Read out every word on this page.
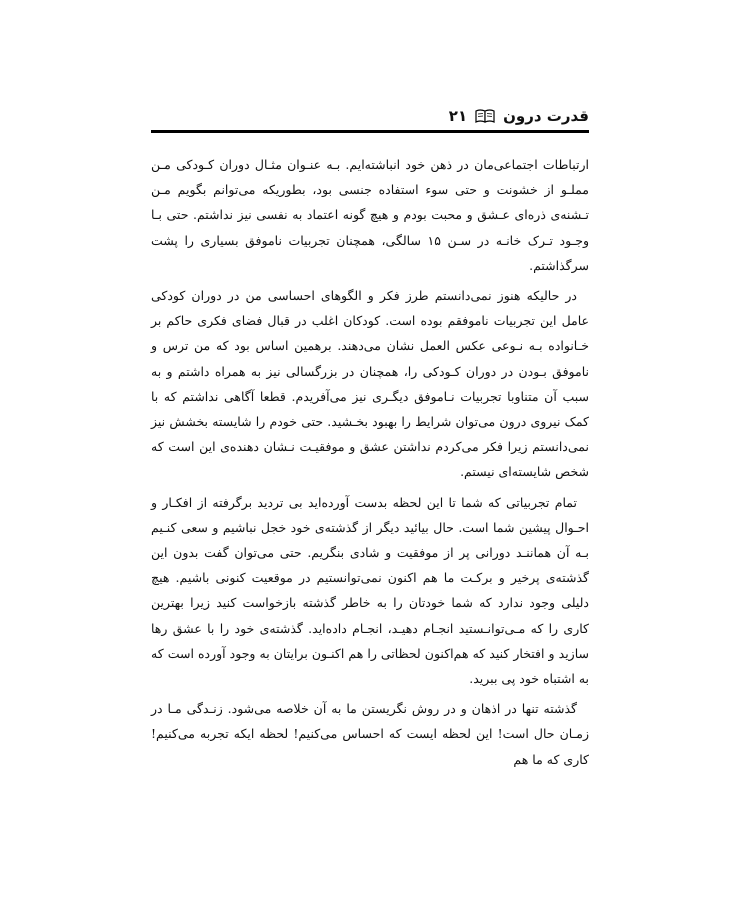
قدرت درون
۲۱

ارتباطات اجتماعی‌مان در ذهن خود انباشته‌ایم. بـه عنـوان مثـال دوران کـودکی مـن مملـو از خشونت و حتی سوء استفاده جنسی بود، بطوریکه می‌توانم بگویم مـن تـشنه‌ی ذره‌ای عـشق و محبت بودم و هیچ گونه اعتماد به نفسی نیز نداشتم. حتی بـا وجـود تـرک خانـه در سـن ۱۵ سالگی، همچنان تجربیات ناموفق بسیاری را پشت سرگذاشتم.

در حالیکه هنوز نمی‌دانستم طرز فکر و الگوهای احساسی من در دوران کودکی عامل این تجربیات ناموفقم بوده است. کودکان اغلب در قبال فضای فکری حاکم بر خـانواده بـه نـوعی عکس العمل نشان می‌دهند. برهمین اساس بود که من ترس و ناموفق بـودن در دوران کـودکی را، همچنان در بزرگسالی نیز به همراه داشتم و به سبب آن متناوبا تجربیات نـاموفق دیگـری نیز می‌آفریدم. قطعا آگاهی نداشتم که با کمک نیروی درون می‌توان شرایط را بهبود بخـشید. حتی خودم را شایسته بخشش نیز نمی‌دانستم زیرا فکر می‌کردم نداشتن عشق و موفقیـت نـشان دهنده‌ی این است که شخص شایسته‌ای نیستم.

تمام تجربیاتی که شما تا این لحظه بدست آورده‌اید بی تردید برگرفته از افکـار و احـوال پیشین شما است. حال بیائید دیگر از گذشته‌ی خود خجل نباشیم و سعی کنـیم بـه آن هماننـد دورانی پر از موفقیت و شادی بنگریم. حتی می‌توان گفت بدون این گذشته‌ی پرخیر و برکـت ما هم اکنون نمی‌توانستیم در موقعیت کنونی باشیم. هیچ دلیلی وجود ندارد که شما خودتان را به خاطر گذشته بازخواست کنید زیرا بهترین کاری را که مـی‌توانـستید انجـام دهیـد، انجـام داده‌اید. گذشته‌ی خود را با عشق رها سازید و افتخار کنید که هم‌اکنون لحظاتی را هم اکنـون برایتان به وجود آورده است که به اشتباه خود پی ببرید.

گذشته تنها در اذهان و در روش نگریستن ما به آن خلاصه می‌شود. زنـدگی مـا در زمـان حال است! این لحظه ایست که احساس می‌کنیم! لحظه ایکه تجربه می‌کنیم! کاری که ما هم
